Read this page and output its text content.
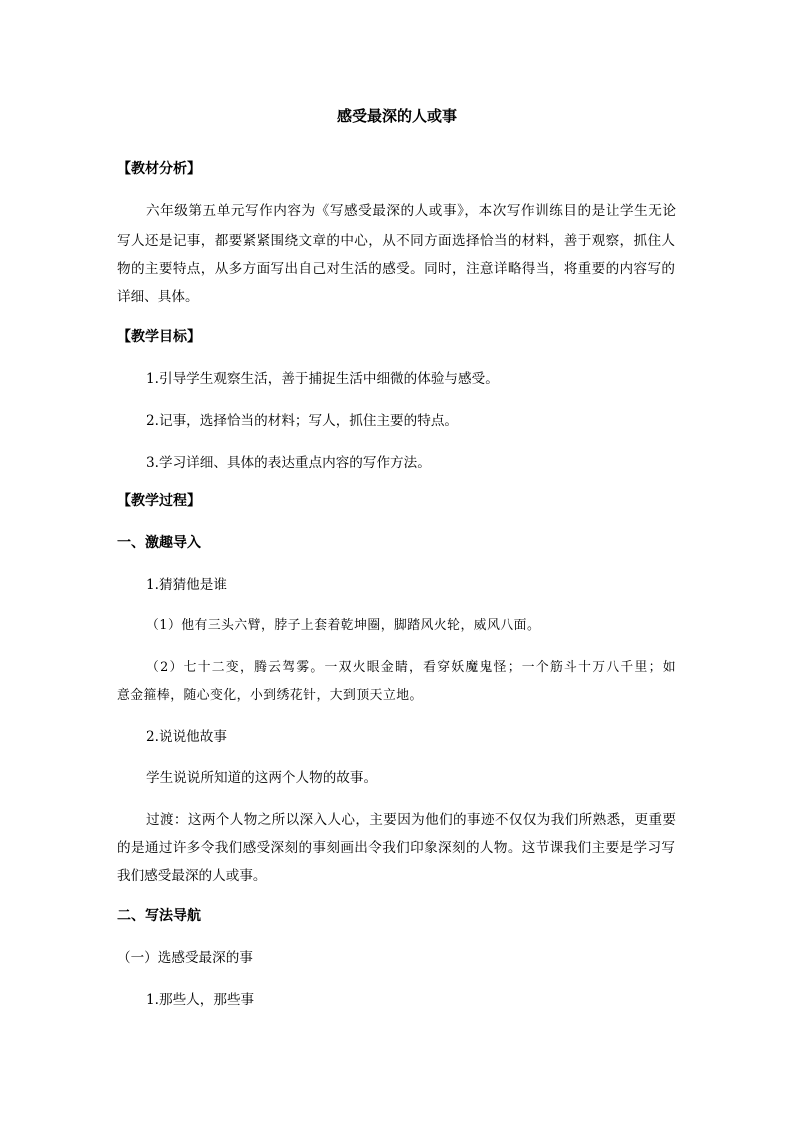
感受最深的人或事

【教材分析】

六年级第五单元写作内容为《写感受最深的人或事》，本次写作训练目的是让学生无论

写人还是记事，都要紧紧围绕文章的中心，从不同方面选择恰当的材料，善于观察，抓住人

物的主要特点，从多方面写出自己对生活的感受。同时，注意详略得当，将重要的内容写的

详细、具体。

【教学目标】

1.引导学生观察生活，善于捕捉生活中细微的体验与感受。

2.记事，选择恰当的材料；写人，抓住主要的特点。

3.学习详细、具体的表达重点内容的写作方法。

【教学过程】

一、激趣导入

1.猜猜他是谁

（1）他有三头六臂，脖子上套着乾坤圈，脚踏风火轮，威风八面。

（2）七十二变，腾云驾雾。一双火眼金睛，看穿妖魔鬼怪；一个筋斗十万八千里；如

意金箍棒，随心变化，小到绣花针，大到顶天立地。

2.说说他故事

学生说说所知道的这两个人物的故事。

过渡：这两个人物之所以深入人心，主要因为他们的事迹不仅仅为我们所熟悉，更重要

的是通过许多令我们感受深刻的事刻画出令我们印象深刻的人物。这节课我们主要是学习写

我们感受最深的人或事。

二、写法导航

（一）选感受最深的事

1.那些人，那些事
